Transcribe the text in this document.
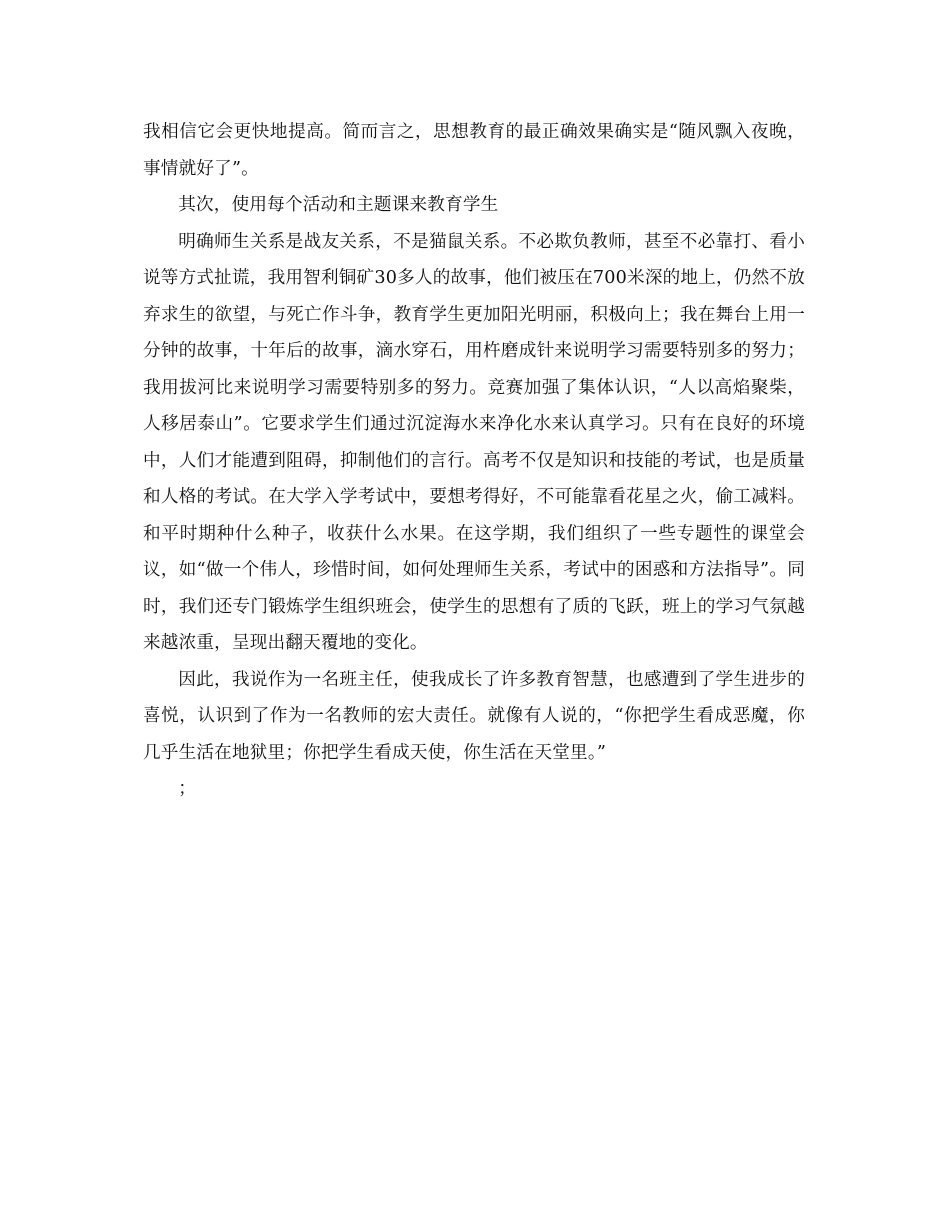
我相信它会更快地提高。简而言之，思想教育的最正确效果确实是“随风飘入夜晚，事情就好了”。

其次，使用每个活动和主题课来教育学生

明确师生关系是战友关系，不是猫鼠关系。不必欺负教师，甚至不必靠打、看小说等方式扯谎，我用智利铜矿30多人的故事，他们被压在700米深的地上，仍然不放弃求生的欲望，与死亡作斗争，教育学生更加阳光明丽，积极向上；我在舞台上用一分钟的故事，十年后的故事，滴水穿石，用杵磨成针来说明学习需要特别多的努力；我用拔河比来说明学习需要特别多的努力。竞赛加强了集体认识，“人以高焰聚柴，人移居泰山”。它要求学生们通过沉淀海水来净化水来认真学习。只有在良好的环境中，人们才能遭到阻碍，抑制他们的言行。高考不仅是知识和技能的考试，也是质量和人格的考试。在大学入学考试中，要想考得好，不可能靠看花星之火，偷工减料。和平时期种什么种子，收获什么水果。在这学期，我们组织了一些专题性的课堂会议，如“做一个伟人，珍惜时间，如何处理师生关系，考试中的困惑和方法指导”。同时，我们还专门锻炼学生组织班会，使学生的思想有了质的飞跃，班上的学习气氛越来越浓重，呈现出翻天覆地的变化。

因此，我说作为一名班主任，使我成长了许多教育智慧，也感遭到了学生进步的喜悦，认识到了作为一名教师的宏大责任。就像有人说的，“你把学生看成恶魔，你几乎生活在地狱里；你把学生看成天使，你生活在天堂里。”

；
